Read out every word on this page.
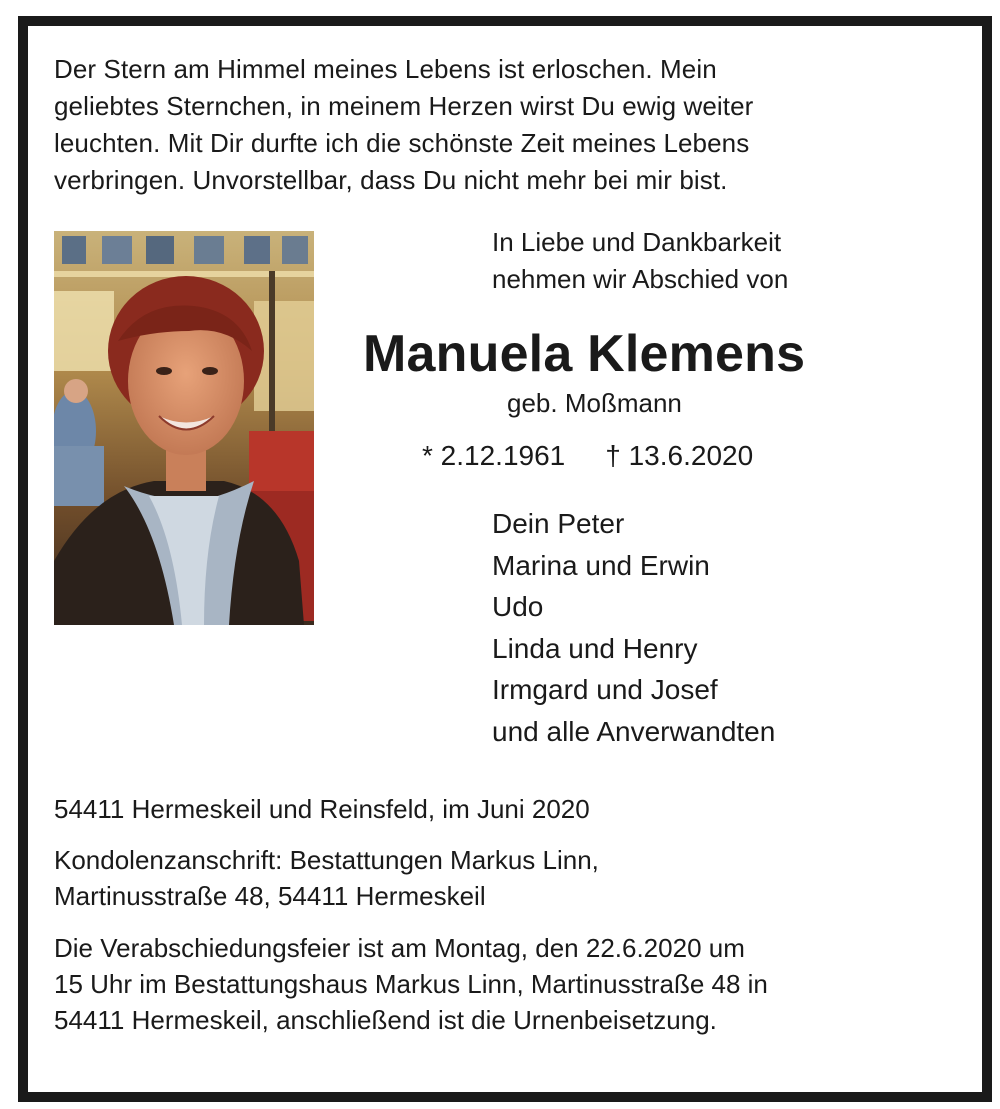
Der Stern am Himmel meines Lebens ist erloschen. Mein
geliebtes Sternchen, in meinem Herzen wirst Du ewig weiter
leuchten. Mit Dir durfte ich die schönste Zeit meines Lebens
verbringen. Unvorstellbar, dass Du nicht mehr bei mir bist.
In Liebe und Dankbarkeit
nehmen wir Abschied von
Manuela Klemens
geb. Moßmann
* 2.12.1961 † 13.6.2020
Dein Peter
Marina und Erwin
Udo
Linda und Henry
Irmgard und Josef
und alle Anverwandten
54411 Hermeskeil und Reinsfeld, im Juni 2020
Kondolenzanschrift: Bestattungen Markus Linn,
Martinusstraße 48, 54411 Hermeskeil
Die Verabschiedungsfeier ist am Montag, den 22.6.2020 um
15 Uhr im Bestattungshaus Markus Linn, Martinusstraße 48 in
54411 Hermeskeil, anschließend ist die Urnenbeisetzung.
